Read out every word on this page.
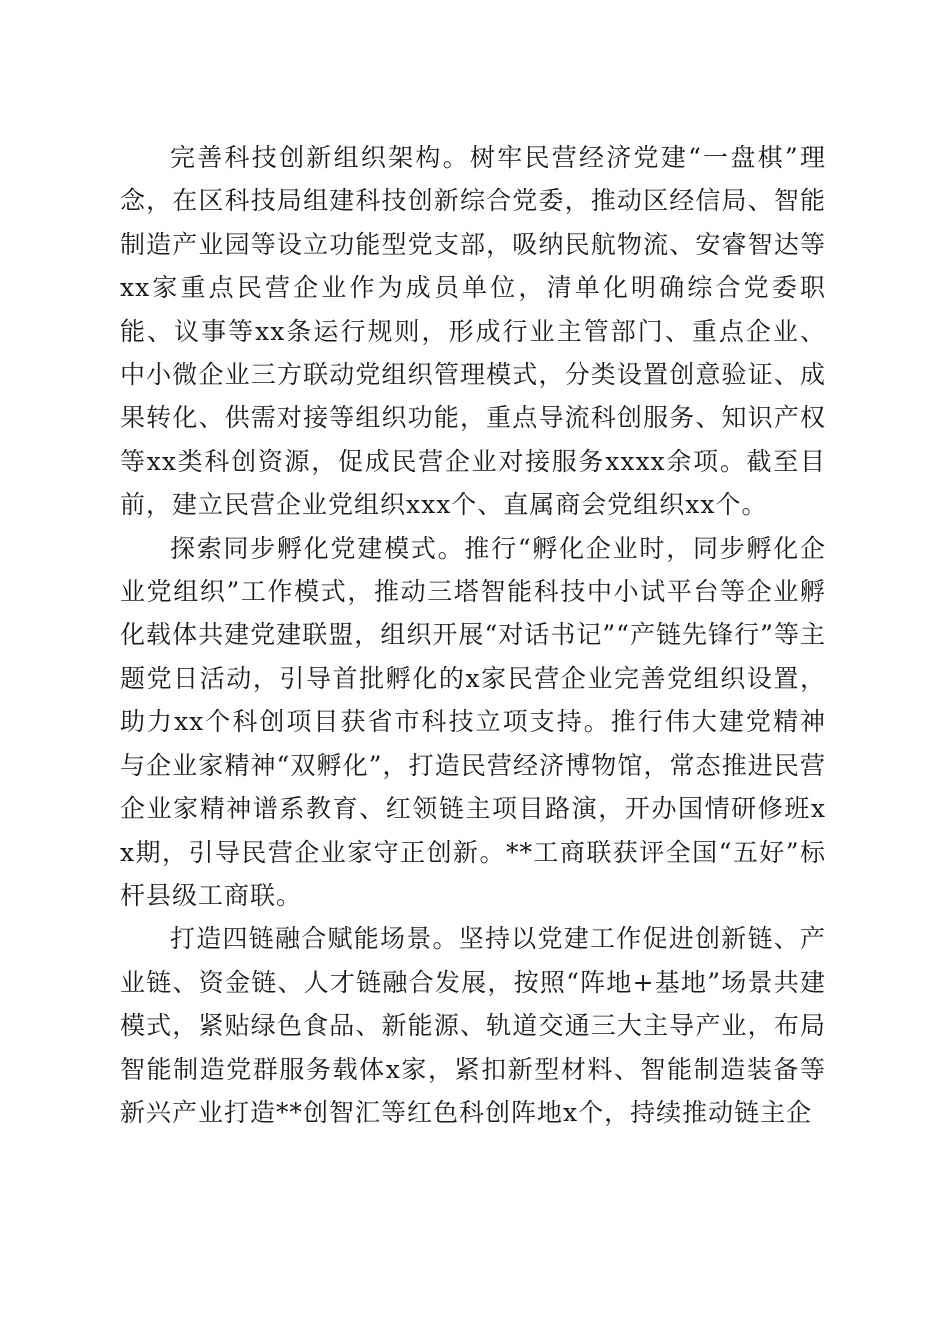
完善科技创新组织架构。树牢民营经济党建“一盘棋”理念，在区科技局组建科技创新综合党委，推动区经信局、智能制造产业园等设立功能型党支部，吸纳民航物流、安睿智达等xx家重点民营企业作为成员单位，清单化明确综合党委职能、议事等xx条运行规则，形成行业主管部门、重点企业、中小微企业三方联动党组织管理模式，分类设置创意验证、成果转化、供需对接等组织功能，重点导流科创服务、知识产权等xx类科创资源，促成民营企业对接服务xxxx余项。截至目前，建立民营企业党组织xxx个、直属商会党组织xx个。

探索同步孵化党建模式。推行“孵化企业时，同步孵化企业党组织”工作模式，推动三塔智能科技中小试平台等企业孵化载体共建党建联盟，组织开展“对话书记”“产链先锋行”等主题党日活动，引导首批孵化的x家民营企业完善党组织设置，助力xx个科创项目获省市科技立项支持。推行伟大建党精神与企业家精神“双孵化”，打造民营经济博物馆，常态推进民营企业家精神谱系教育、红领链主项目路演，开办国情研修班xx期，引导民营企业家守正创新。**工商联获评全国“五好”标杆县级工商联。

打造四链融合赋能场景。坚持以党建工作促进创新链、产业链、资金链、人才链融合发展，按照“阵地+基地”场景共建模式，紧贴绿色食品、新能源、轨道交通三大主导产业，布局智能制造党群服务载体x家，紧扣新型材料、智能制造装备等新兴产业打造**创智汇等红色科创阵地x个，持续推动链主企
